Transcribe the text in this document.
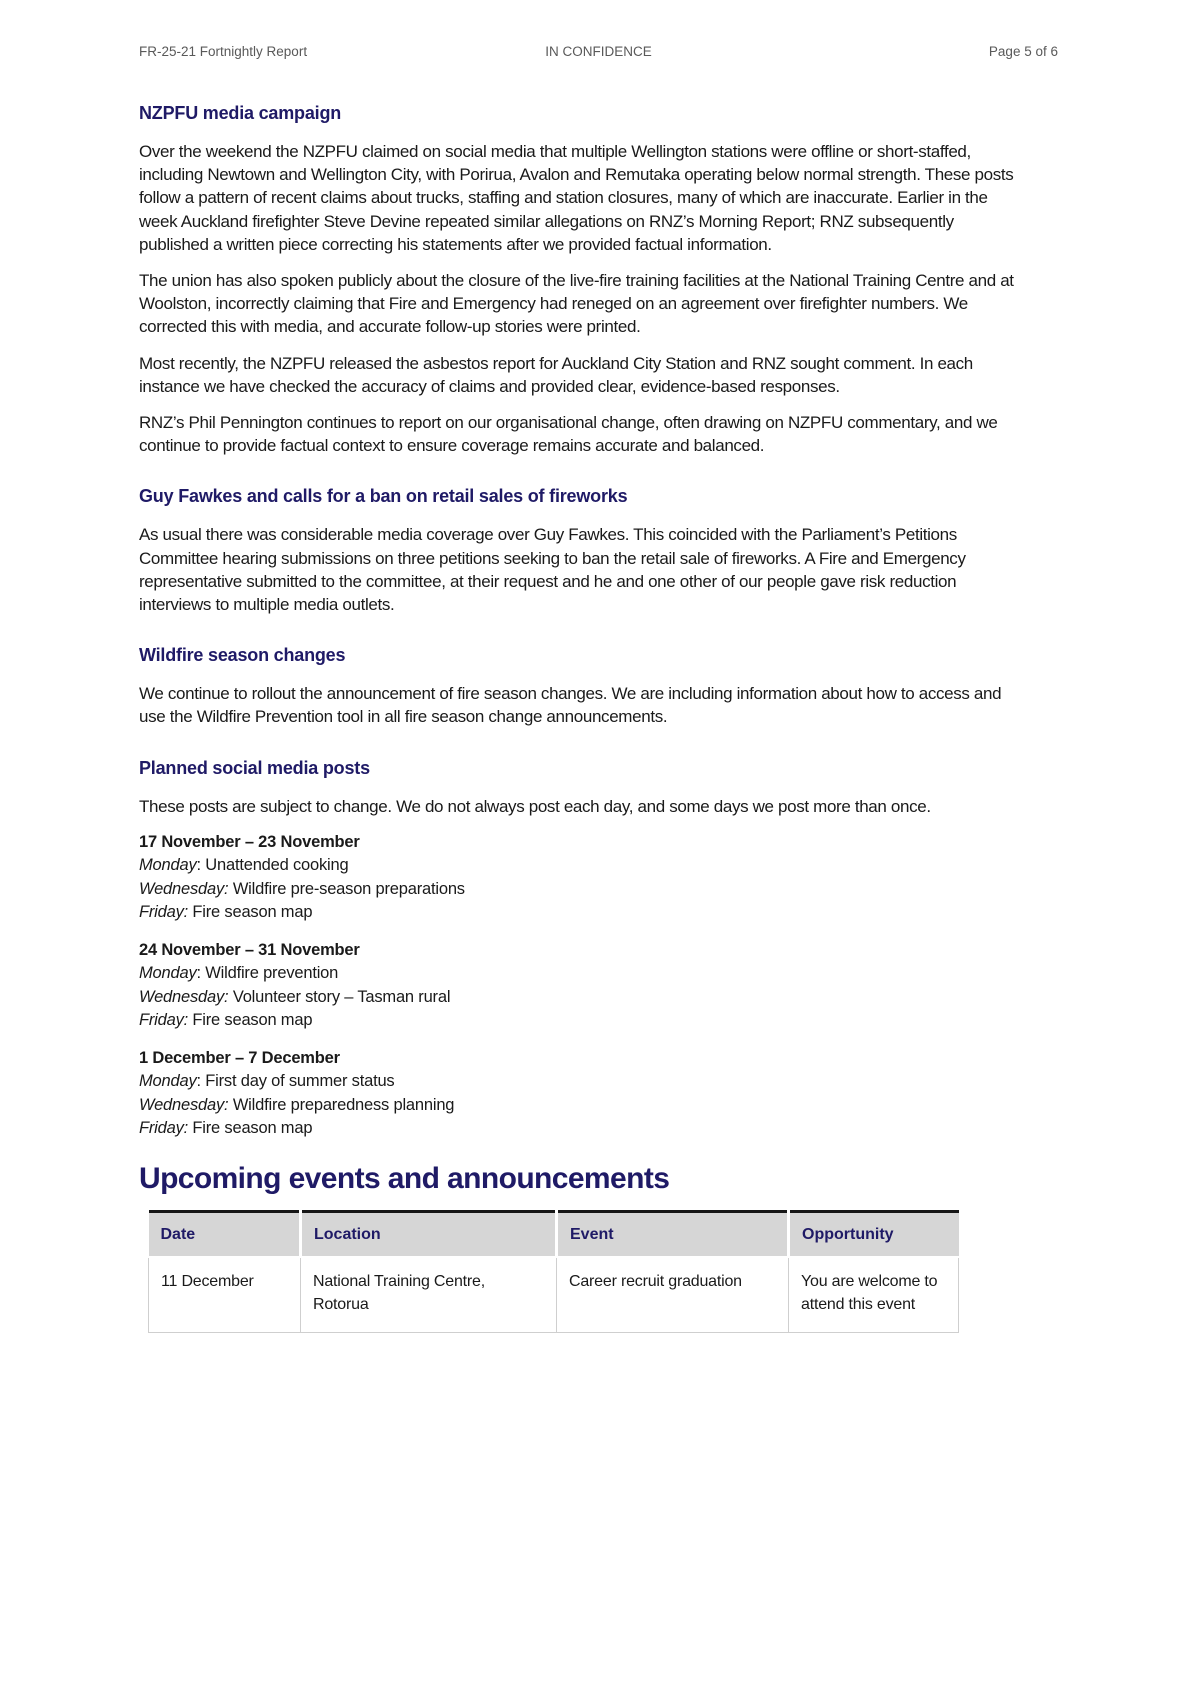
FR-25-21 Fortnightly Report	IN CONFIDENCE	Page 5 of 6
NZPFU media campaign

Over the weekend the NZPFU claimed on social media that multiple Wellington stations were offline or short-staffed, including Newtown and Wellington City, with Porirua, Avalon and Remutaka operating below normal strength. These posts follow a pattern of recent claims about trucks, staffing and station closures, many of which are inaccurate. Earlier in the week Auckland firefighter Steve Devine repeated similar allegations on RNZ’s Morning Report; RNZ subsequently published a written piece correcting his statements after we provided factual information.

The union has also spoken publicly about the closure of the live-fire training facilities at the National Training Centre and at Woolston, incorrectly claiming that Fire and Emergency had reneged on an agreement over firefighter numbers. We corrected this with media, and accurate follow-up stories were printed.

Most recently, the NZPFU released the asbestos report for Auckland City Station and RNZ sought comment. In each instance we have checked the accuracy of claims and provided clear, evidence-based responses.

RNZ’s Phil Pennington continues to report on our organisational change, often drawing on NZPFU commentary, and we continue to provide factual context to ensure coverage remains accurate and balanced.

Guy Fawkes and calls for a ban on retail sales of fireworks

As usual there was considerable media coverage over Guy Fawkes. This coincided with the Parliament’s Petitions Committee hearing submissions on three petitions seeking to ban the retail sale of fireworks. A Fire and Emergency representative submitted to the committee, at their request and he and one other of our people gave risk reduction interviews to multiple media outlets.

Wildfire season changes

We continue to rollout the announcement of fire season changes. We are including information about how to access and use the Wildfire Prevention tool in all fire season change announcements.

Planned social media posts

These posts are subject to change. We do not always post each day, and some days we post more than once.

17 November – 23 November
Monday: Unattended cooking
Wednesday: Wildfire pre-season preparations
Friday: Fire season map
24 November – 31 November
Monday: Wildfire prevention
Wednesday: Volunteer story – Tasman rural
Friday: Fire season map
1 December – 7 December
Monday: First day of summer status
Wednesday: Wildfire preparedness planning
Friday: Fire season map
Upcoming events and announcements
Date	Location	Event	Opportunity
11 December	National Training Centre, Rotorua	Career recruit graduation	You are welcome to attend this event
